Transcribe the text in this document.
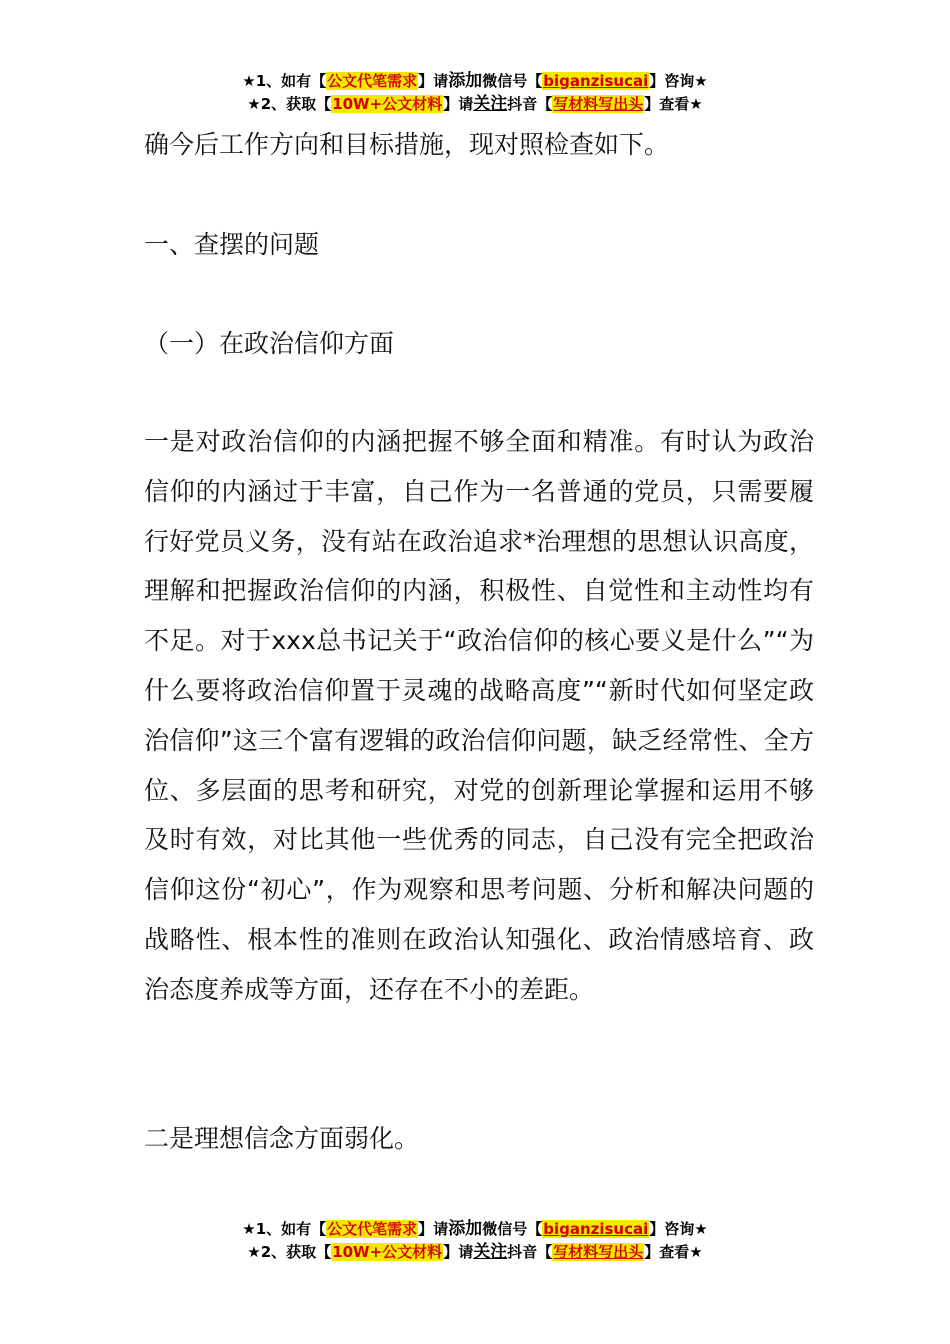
★1、如有【公文代笔需求】请添加微信号【biganzisucai】咨询★
★2、获取【10W+公文材料】请关注抖音【写材料写出头】查看★

确今后工作方向和目标措施，现对照检查如下。

一、查摆的问题

（一）在政治信仰方面

一是对政治信仰的内涵把握不够全面和精准。有时认为政治信仰的内涵过于丰富，自己作为一名普通的党员，只需要履行好党员义务，没有站在政治追求*治理想的思想认识高度，理解和把握政治信仰的内涵，积极性、自觉性和主动性均有不足。对于xxx总书记关于“政治信仰的核心要义是什么”“为什么要将政治信仰置于灵魂的战略高度”“新时代如何坚定政治信仰”这三个富有逻辑的政治信仰问题，缺乏经常性、全方位、多层面的思考和研究，对党的创新理论掌握和运用不够及时有效，对比其他一些优秀的同志，自己没有完全把政治信仰这份“初心”，作为观察和思考问题、分析和解决问题的战略性、根本性的准则在政治认知强化、政治情感培育、政治态度养成等方面，还存在不小的差距。

二是理想信念方面弱化。

★1、如有【公文代笔需求】请添加微信号【biganzisucai】咨询★
★2、获取【10W+公文材料】请关注抖音【写材料写出头】查看★
